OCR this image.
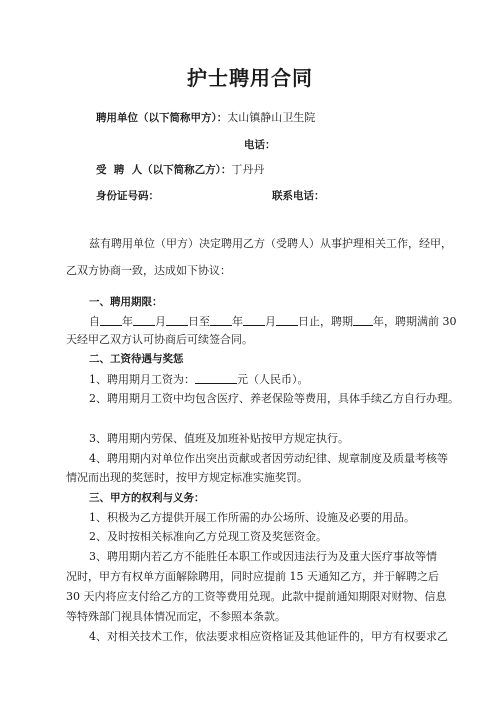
护士聘用合同
聘用单位（以下简称甲方）：太山镇静山卫生院
电话：
受  聘  人（以下简称乙方）：丁丹丹
身份证号码：	联系电话：
兹有聘用单位（甲方）决定聘用乙方（受聘人）从事护理相关工作，经甲，
乙双方协商一致，达成如下协议：
一、聘用期限：
自 年 月 日至 年 月 日止，聘期 年，聘期满前 30
天经甲乙双方认可协商后可续签合同。
二、工资待遇与奖惩
1、聘用期月工资为：	元（人民币）。
2、聘用期月工资中均包含医疗、养老保险等费用，具体手续乙方自行办理。
3、聘用期内劳保、值班及加班补贴按甲方规定执行。
4、聘用期内对单位作出突出贡献或者因劳动纪律、规章制度及质量考核等
情况而出现的奖惩时，按甲方规定标准实施奖罚。
三、甲方的权利与义务：
1、积极为乙方提供开展工作所需的办公场所、设施及必要的用品。
2、及时按相关标准向乙方兑现工资及奖惩资金。
3、聘用期内若乙方不能胜任本职工作或因违法行为及重大医疗事故等情
况时，甲方有权单方面解除聘用，同时应提前 15 天通知乙方，并于解聘之后
30 天内将应支付给乙方的工资等费用兑现。此款中提前通知期限对财物、信息
等特殊部门视具体情况而定，不参照本条款。
4、对相关技术工作，依法要求相应资格证及其他证件的，甲方有权要求乙
